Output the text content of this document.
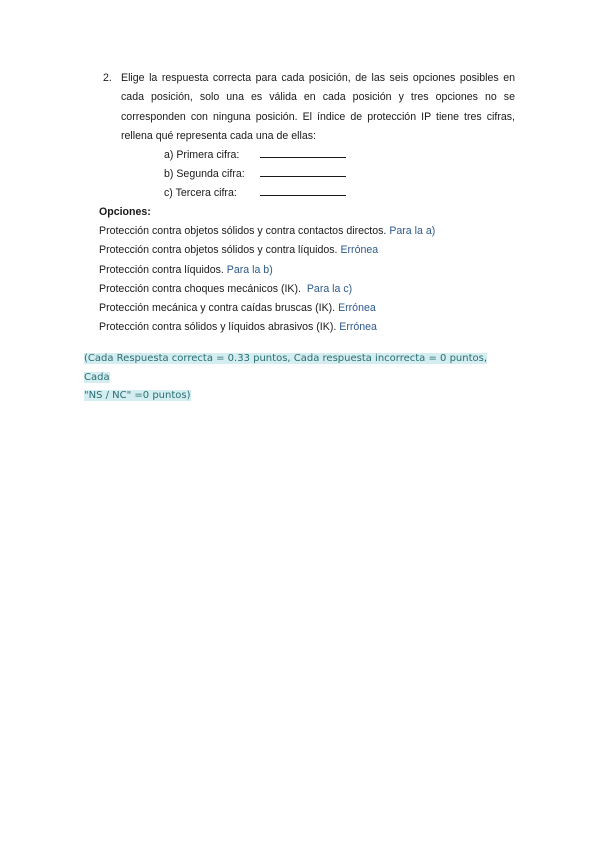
2. Elige la respuesta correcta para cada posición, de las seis opciones posibles en cada posición, solo una es válida en cada posición y tres opciones no se corresponden con ninguna posición. El índice de protección IP tiene tres cifras, rellena qué representa cada una de ellas:
a) Primera cifra:
b) Segunda cifra:
c) Tercera cifra:
Opciones:
Protección contra objetos sólidos y contra contactos directos. Para la a)
Protección contra objetos sólidos y contra líquidos. Errónea
Protección contra líquidos. Para la b)
Protección contra choques mecánicos (IK). Para la c)
Protección mecánica y contra caídas bruscas (IK). Errónea
Protección contra sólidos y líquidos abrasivos (IK). Errónea
(Cada Respuesta correcta = 0.33 puntos, Cada respuesta incorrecta = 0 puntos, Cada
"NS / NC" =0 puntos)
